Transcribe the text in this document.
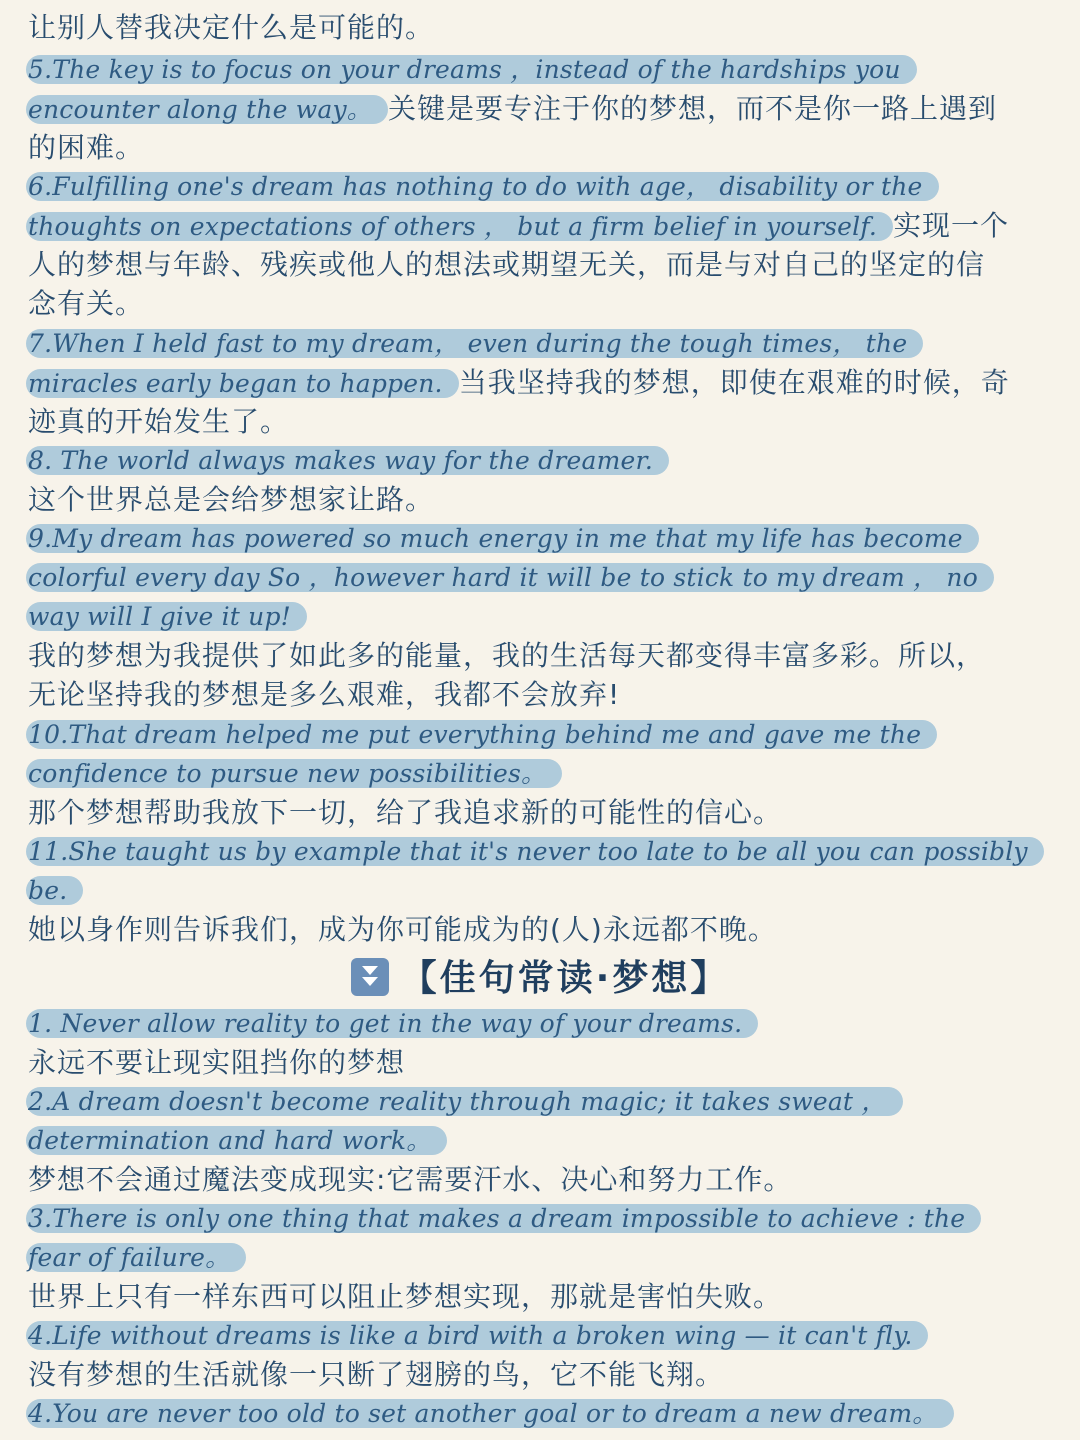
让别人替我决定什么是可能的。
5.The key is to focus on your dreams ，instead of the hardships you
encounter along the way。 关键是要专注于你的梦想，而不是你一路上遇到
的困难。
6.Fulfilling one's dream has nothing to do with age， disability or the
thoughts on expectations of others ， but a firm belief in yourself. 实现一个
人的梦想与年龄、残疾或他人的想法或期望无关，而是与对自己的坚定的信
念有关。
7.When I held fast to my dream， even during the tough times， the
miracles early began to happen. 当我坚持我的梦想，即使在艰难的时候，奇
迹真的开始发生了。
8. The world always makes way for the dreamer.
这个世界总是会给梦想家让路。
9.My dream has powered so much energy in me that my life has become
colorful every day So ，however hard it will be to stick to my dream ， no
way will I give it up!
我的梦想为我提供了如此多的能量，我的生活每天都变得丰富多彩。所以，
无论坚持我的梦想是多么艰难，我都不会放弃!
10.That dream helped me put everything behind me and gave me the
confidence to pursue new possibilities。
那个梦想帮助我放下一切，给了我追求新的可能性的信心。
11.She taught us by example that it's never too late to be all you can possibly
be.
她以身作则告诉我们，成为你可能成为的(人)永远都不晚。
【佳句常读·梦想】
1. Never allow reality to get in the way of your dreams.
永远不要让现实阻挡你的梦想
2.A dream doesn't become reality through magic; it takes sweat ，
determination and hard work。
梦想不会通过魔法变成现实:它需要汗水、决心和努力工作。
3.There is only one thing that makes a dream impossible to achieve : the
fear of failure。
世界上只有一样东西可以阻止梦想实现，那就是害怕失败。
4.Life without dreams is like a bird with a broken wing — it can't fly.
没有梦想的生活就像一只断了翅膀的鸟，它不能飞翔。
4.You are never too old to set another goal or to dream a new dream。
